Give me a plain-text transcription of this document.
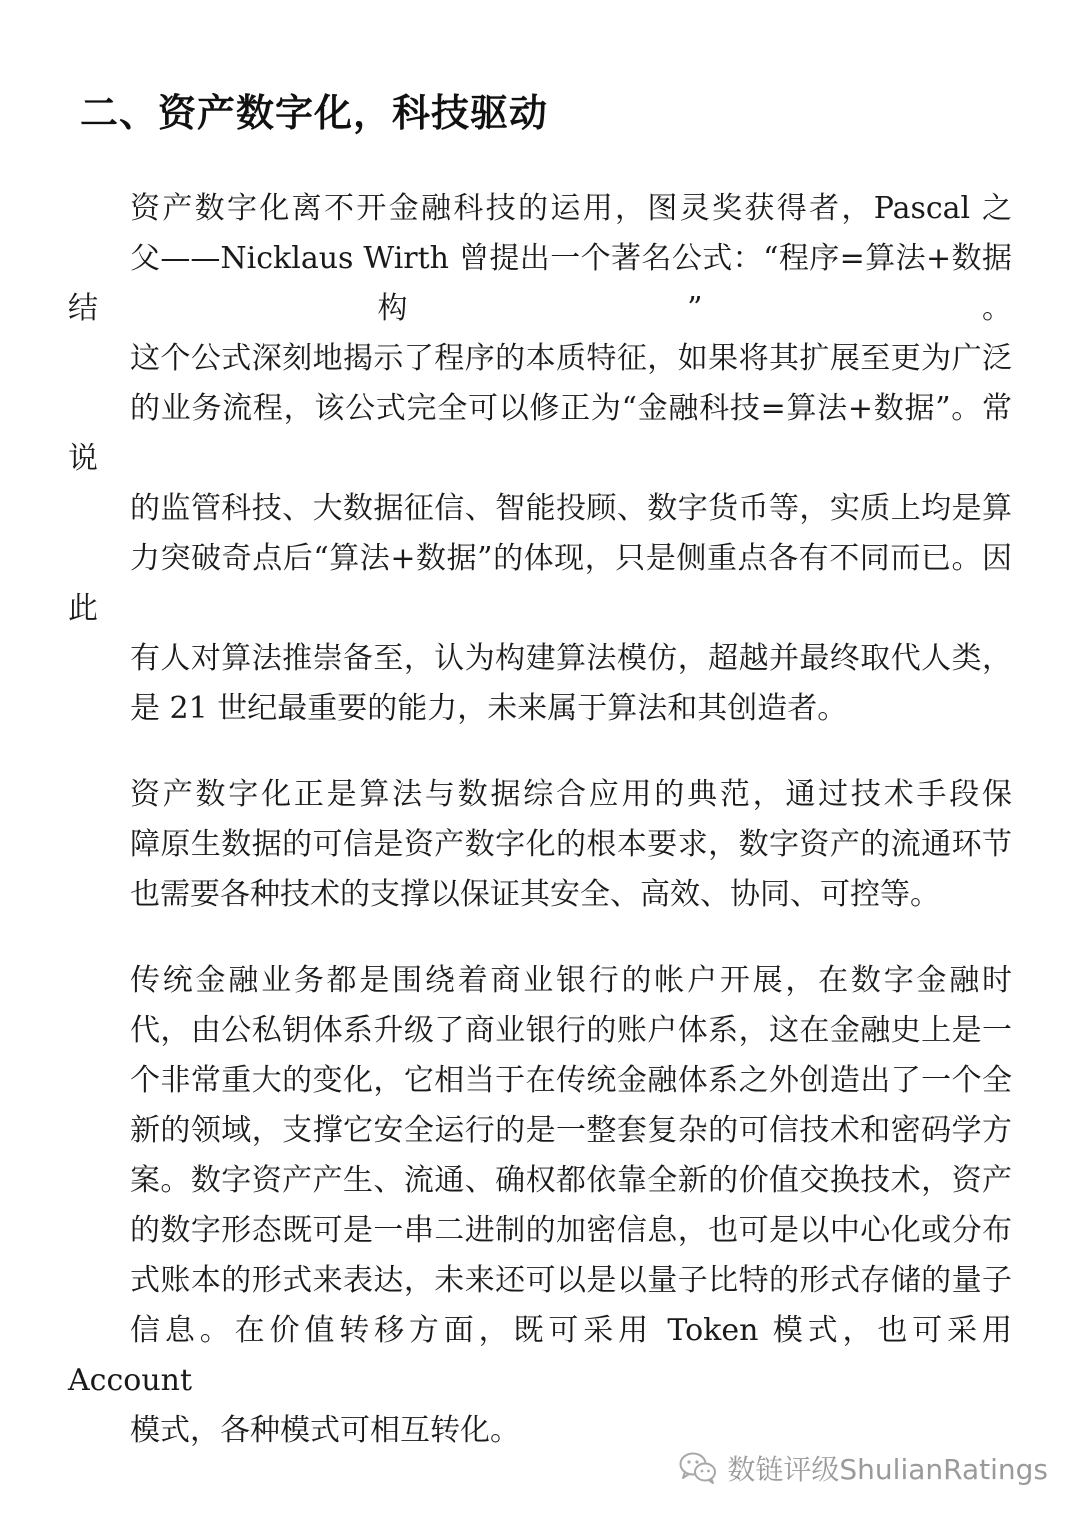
二、资产数字化，科技驱动

资产数字化离不开金融科技的运用，图灵奖获得者，Pascal 之
父——Nicklaus Wirth 曾提出一个著名公式：“程序=算法+数据结构”。
这个公式深刻地揭示了程序的本质特征，如果将其扩展至更为广泛
的业务流程，该公式完全可以修正为“金融科技=算法+数据”。常说
的监管科技、大数据征信、智能投顾、数字货币等，实质上均是算
力突破奇点后“算法+数据”的体现，只是侧重点各有不同而已。因此
有人对算法推崇备至，认为构建算法模仿，超越并最终取代人类，
是 21 世纪最重要的能力，未来属于算法和其创造者。

资产数字化正是算法与数据综合应用的典范，通过技术手段保
障原生数据的可信是资产数字化的根本要求，数字资产的流通环节
也需要各种技术的支撑以保证其安全、高效、协同、可控等。

传统金融业务都是围绕着商业银行的帐户开展，在数字金融时
代，由公私钥体系升级了商业银行的账户体系，这在金融史上是一
个非常重大的变化，它相当于在传统金融体系之外创造出了一个全
新的领域，支撑它安全运行的是一整套复杂的可信技术和密码学方
案。数字资产产生、流通、确权都依靠全新的价值交换技术，资产
的数字形态既可是一串二进制的加密信息，也可是以中心化或分布
式账本的形式来表达，未来还可以是以量子比特的形式存储的量子
信息。在价值转移方面，既可采用 Token 模式，也可采用 Account
模式，各种模式可相互转化。

数链评级ShulianRatings
